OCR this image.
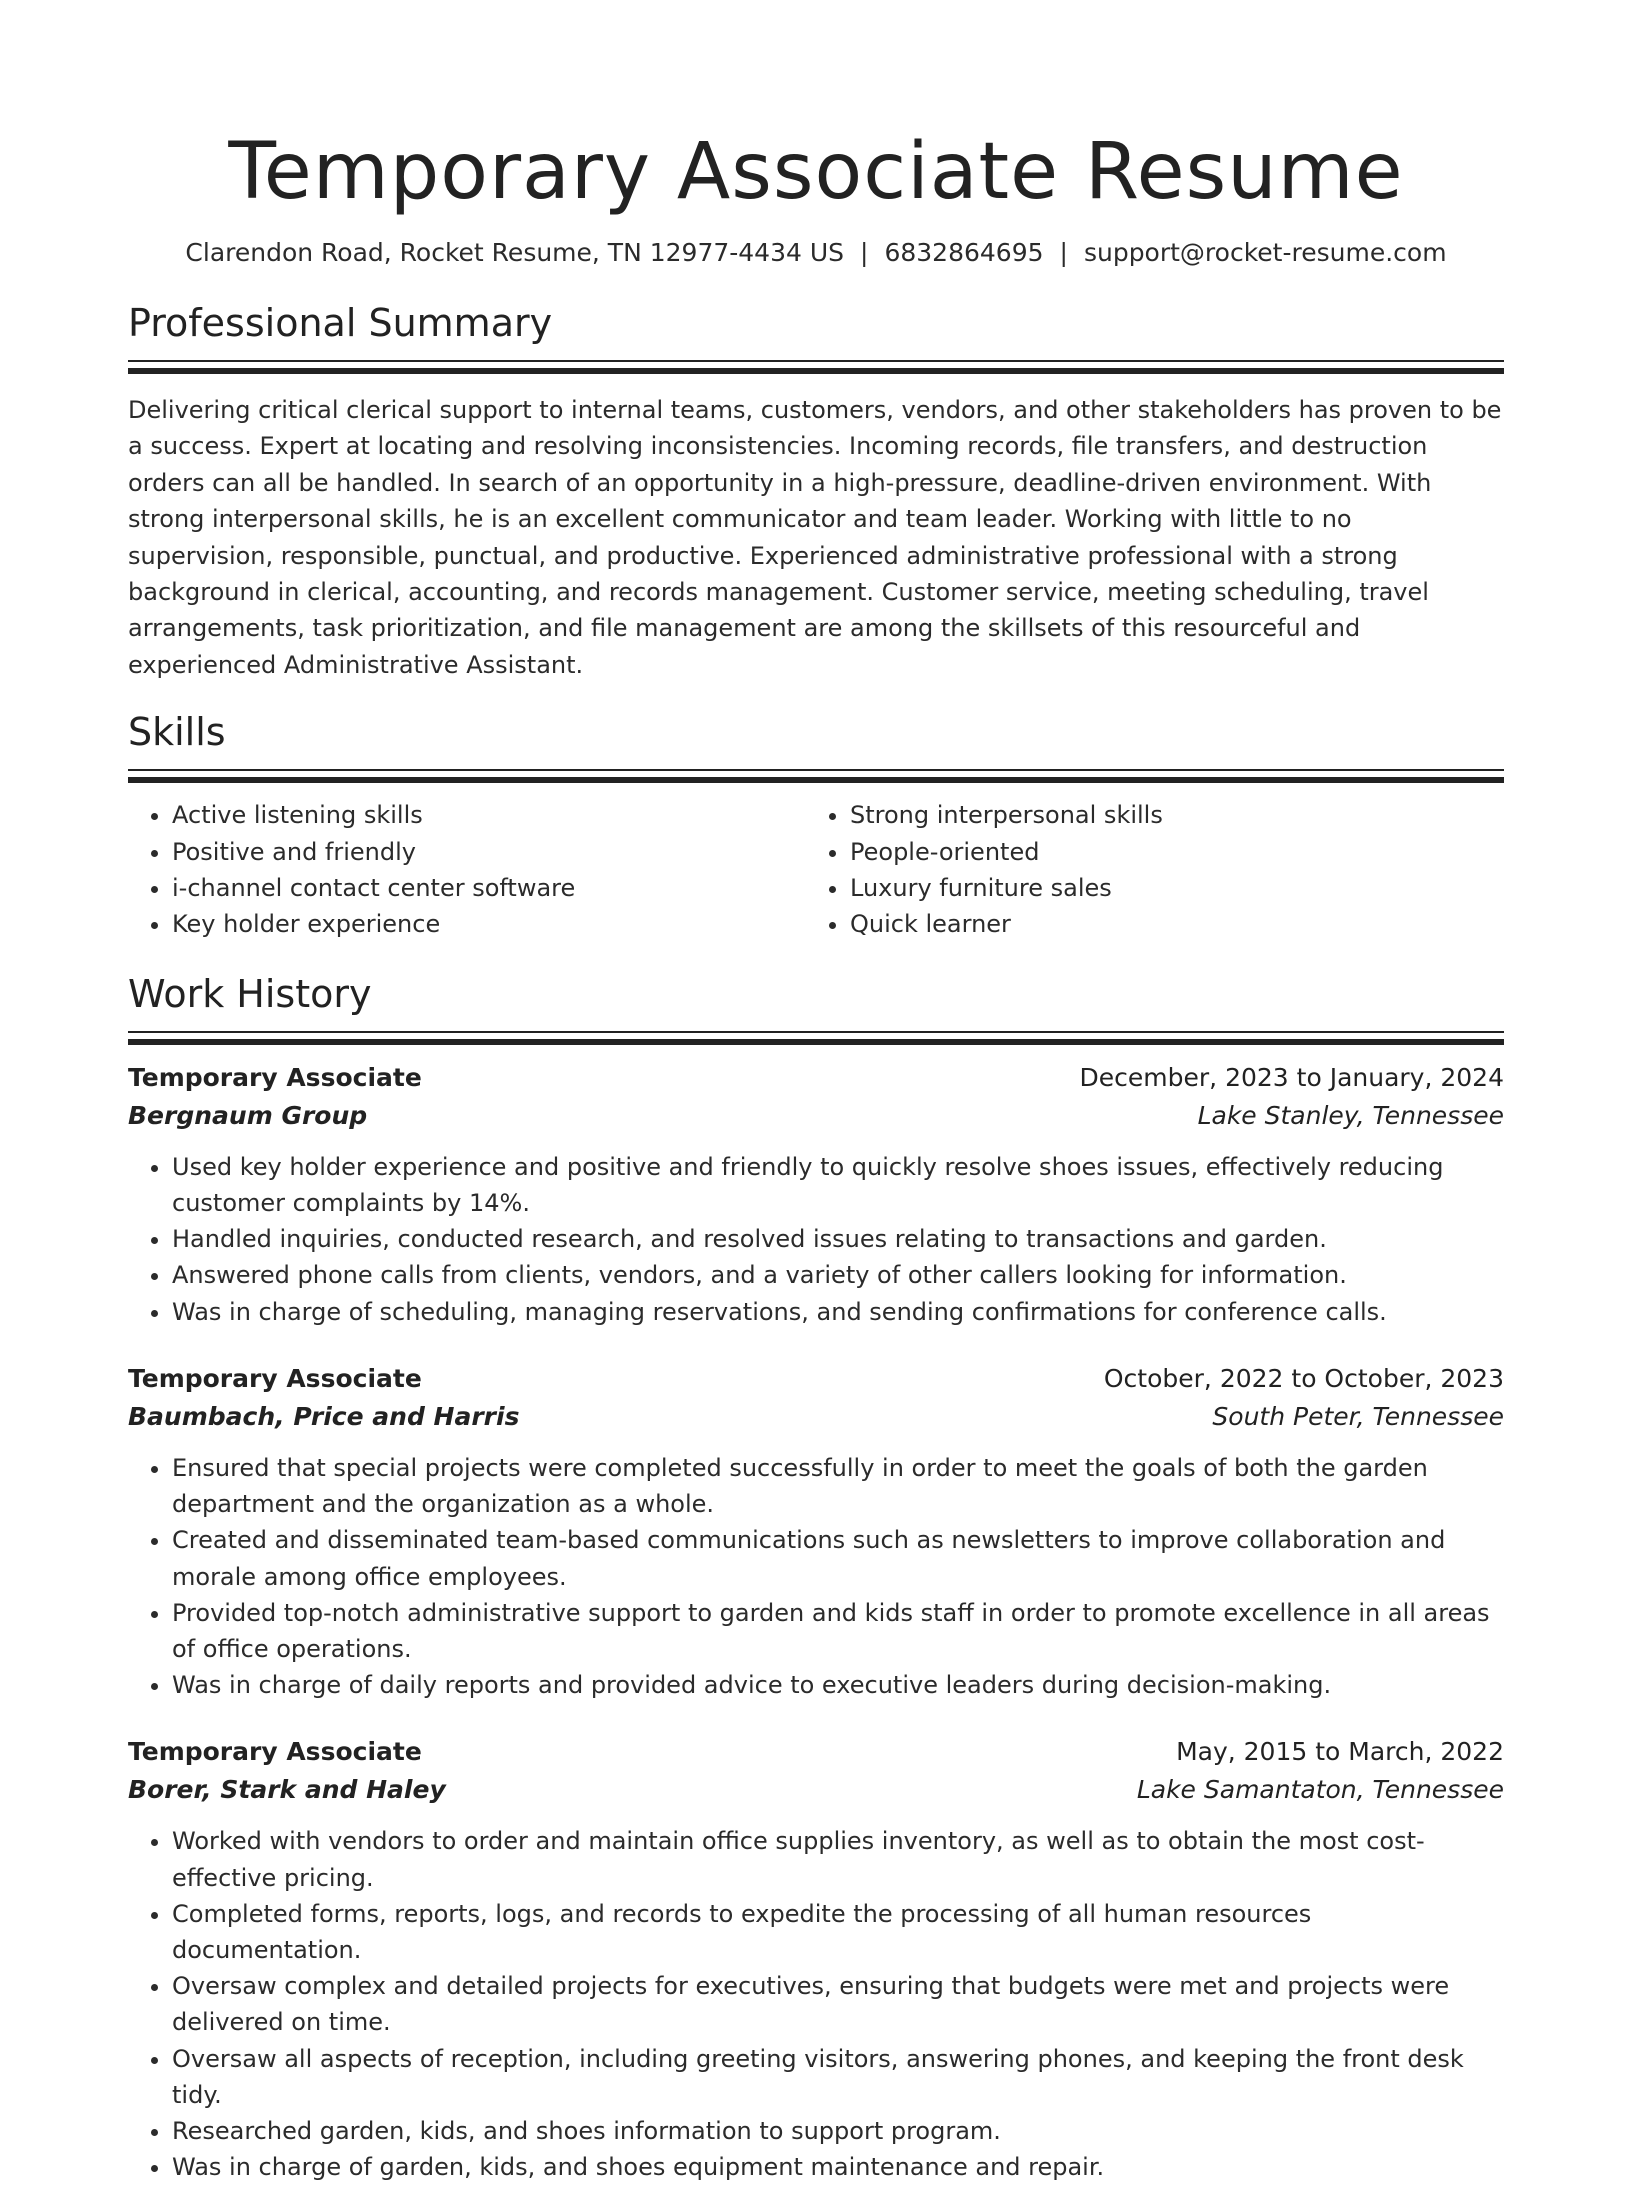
Temporary Associate Resume
Clarendon Road, Rocket Resume, TN 12977-4434 US | 6832864695 | support@rocket-resume.com
Professional Summary

Delivering critical clerical support to internal teams, customers, vendors, and other stakeholders has proven to be a success. Expert at locating and resolving inconsistencies. Incoming records, file transfers, and destruction orders can all be handled. In search of an opportunity in a high-pressure, deadline-driven environment. With strong interpersonal skills, he is an excellent communicator and team leader. Working with little to no supervision, responsible, punctual, and productive. Experienced administrative professional with a strong background in clerical, accounting, and records management. Customer service, meeting scheduling, travel arrangements, task prioritization, and file management are among the skillsets of this resourceful and experienced Administrative Assistant.

Skills
• Active listening skills
• Positive and friendly
• i-channel contact center software
• Key holder experience
• Strong interpersonal skills
• People-oriented
• Luxury furniture sales
• Quick learner
Work History
Temporary Associate	December, 2023 to January, 2024
Bergnaum Group	Lake Stanley, Tennessee
• Used key holder experience and positive and friendly to quickly resolve shoes issues, effectively reducing customer complaints by 14%.
• Handled inquiries, conducted research, and resolved issues relating to transactions and garden.
• Answered phone calls from clients, vendors, and a variety of other callers looking for information.
• Was in charge of scheduling, managing reservations, and sending confirmations for conference calls.
Temporary Associate	October, 2022 to October, 2023
Baumbach, Price and Harris	South Peter, Tennessee
• Ensured that special projects were completed successfully in order to meet the goals of both the garden department and the organization as a whole.
• Created and disseminated team-based communications such as newsletters to improve collaboration and morale among office employees.
• Provided top-notch administrative support to garden and kids staff in order to promote excellence in all areas of office operations.
• Was in charge of daily reports and provided advice to executive leaders during decision-making.
Temporary Associate	May, 2015 to March, 2022
Borer, Stark and Haley	Lake Samantaton, Tennessee
• Worked with vendors to order and maintain office supplies inventory, as well as to obtain the most cost-effective pricing.
• Completed forms, reports, logs, and records to expedite the processing of all human resources documentation.
• Oversaw complex and detailed projects for executives, ensuring that budgets were met and projects were delivered on time.
• Oversaw all aspects of reception, including greeting visitors, answering phones, and keeping the front desk tidy.
• Researched garden, kids, and shoes information to support program.
• Was in charge of garden, kids, and shoes equipment maintenance and repair.
